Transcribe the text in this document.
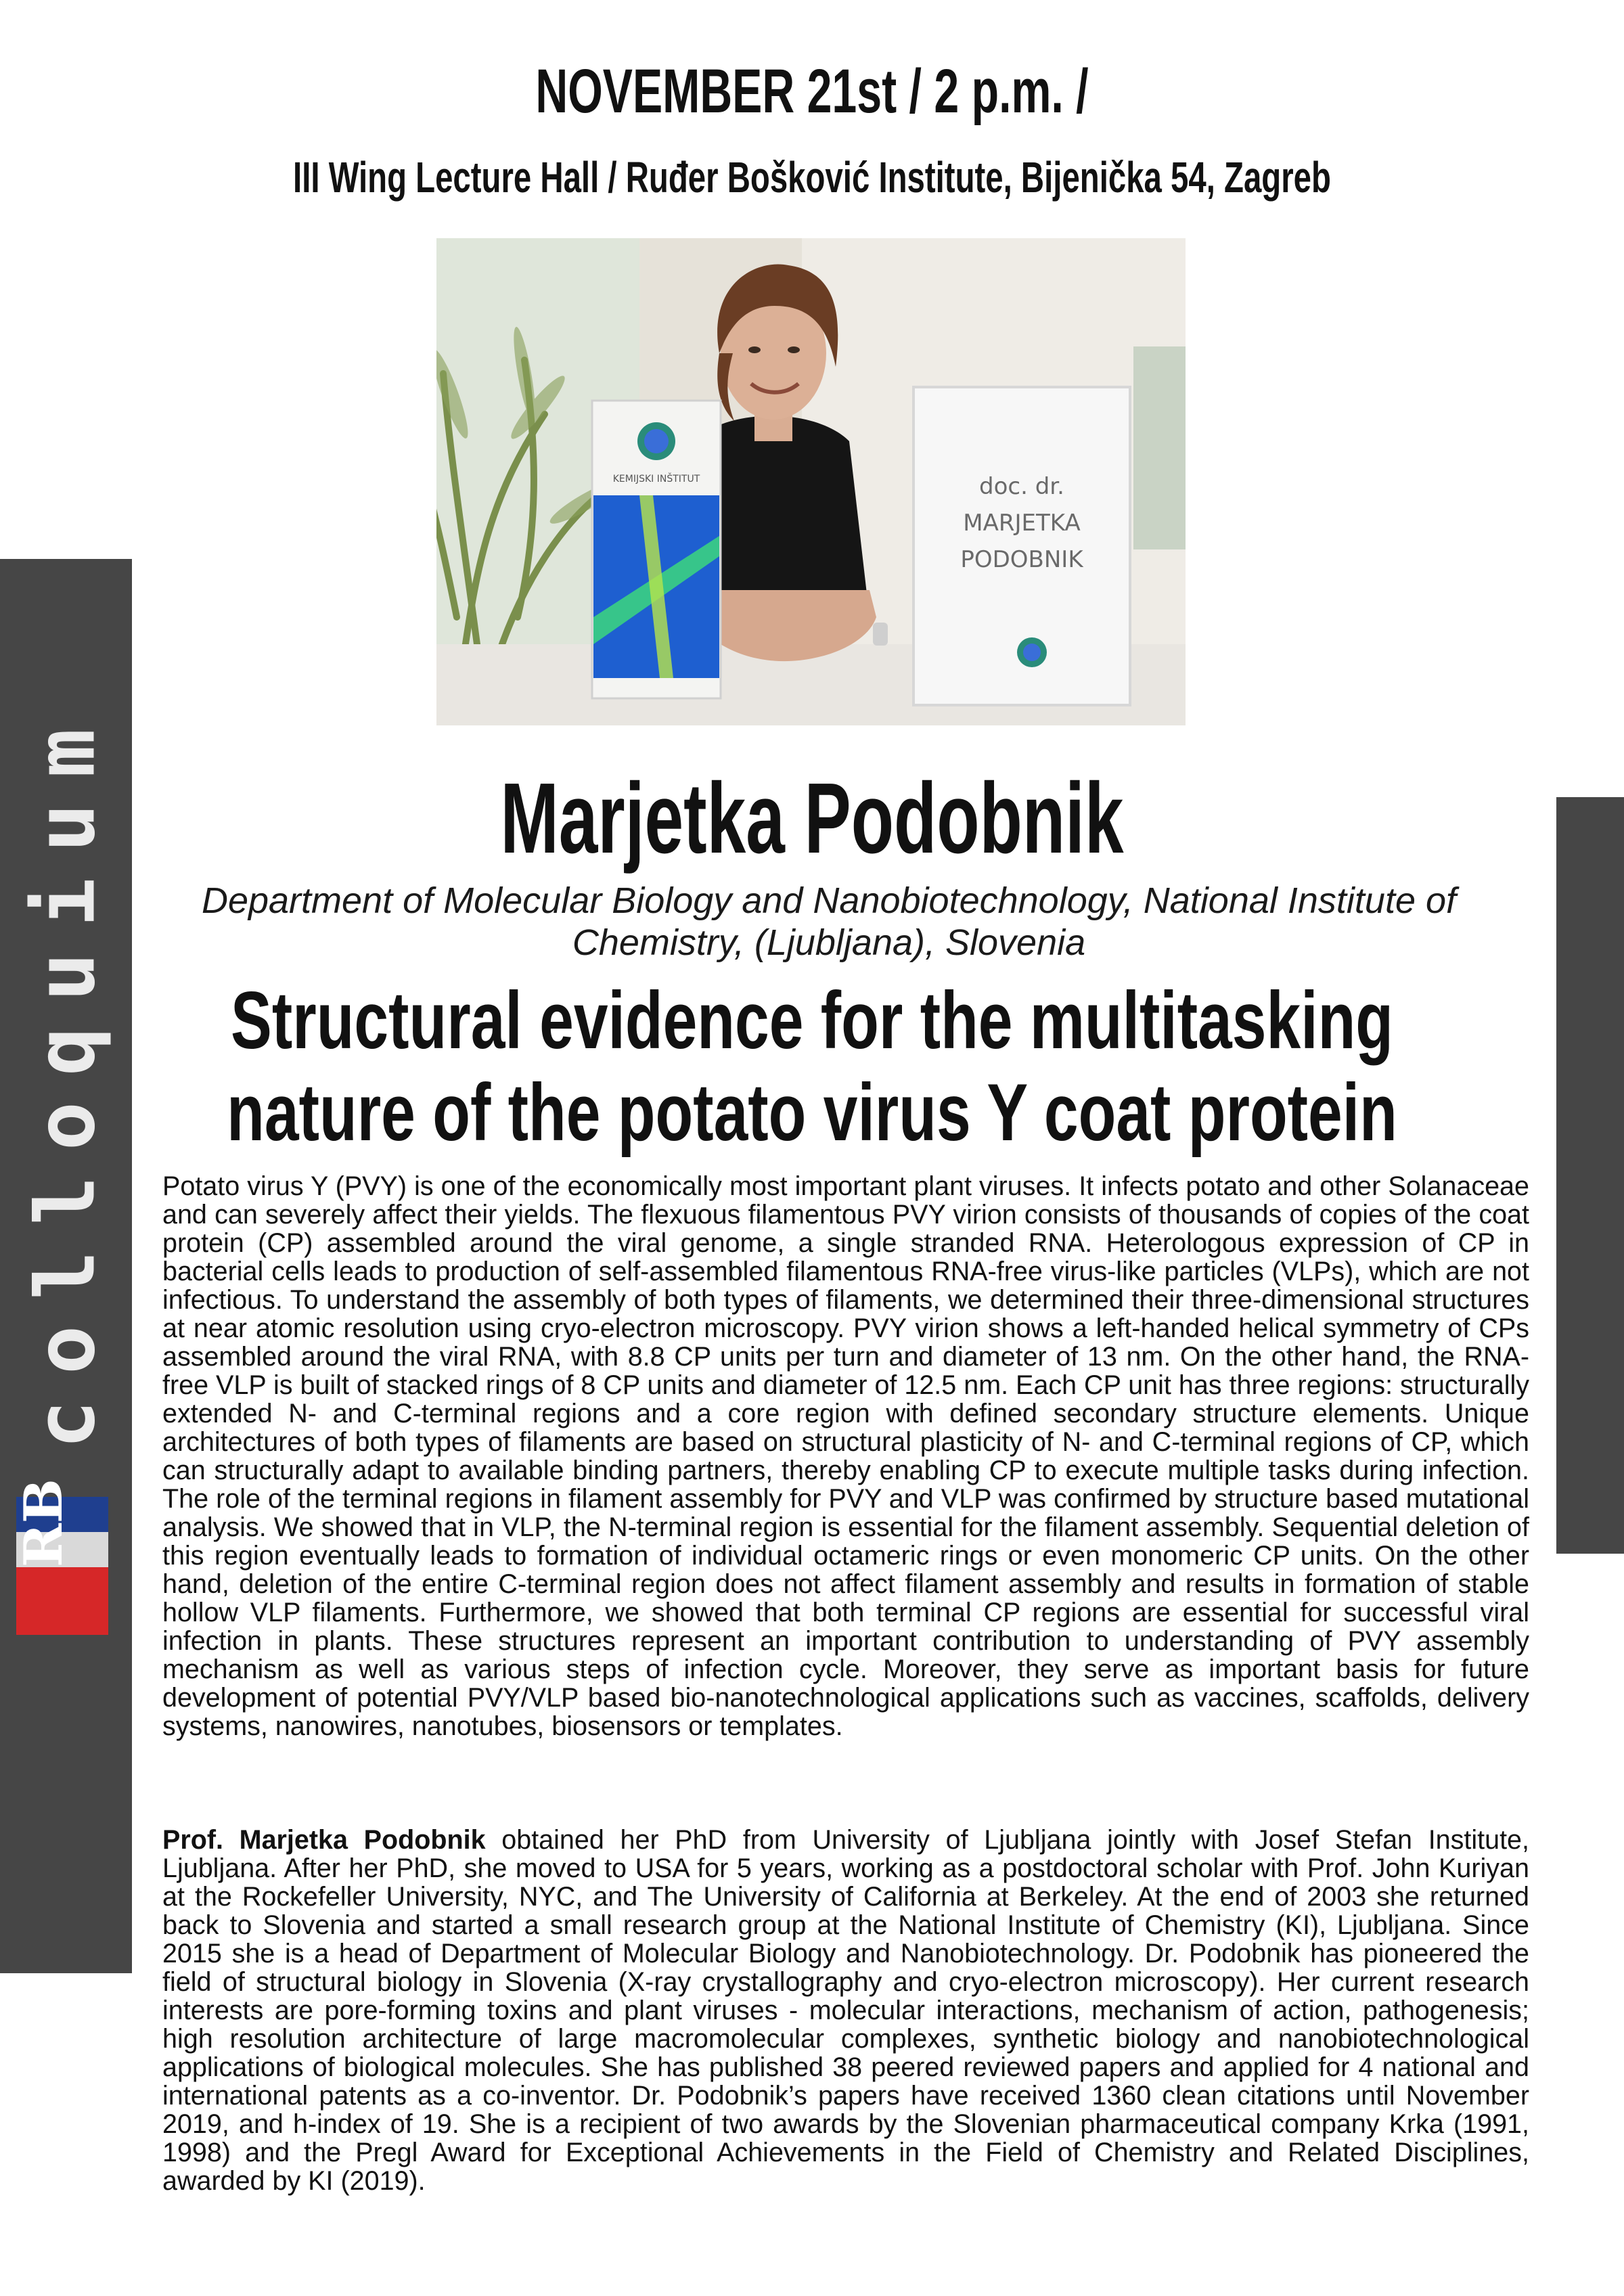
NOVEMBER 21st / 2 p.m. /
III Wing Lecture Hall / Ruđer Bošković Institute, Bijenička 54, Zagreb
KEMIJSKI INŠTITUT	doc. dr.
MARJETKA
PODOBNIK
colloquium
RB
Marjetka Podobnik
Department of Molecular Biology and Nanobiotechnology, National Institute of Chemistry, (Ljubljana), Slovenia
Structural evidence for the multitasking
nature of the potato virus Y coat protein
Potato virus Y (PVY) is one of the economically most important plant viruses. It infects potato and other Solanaceae and can severely affect their yields. The flexuous filamentous PVY virion consists of thousands of copies of the coat protein (CP) assembled around the viral genome, a single stranded RNA. Heterologous expression of CP in bacterial cells leads to production of self-assembled filamentous RNA-free virus-like particles (VLPs), which are not infectious. To understand the assembly of both types of filaments, we determined their three-dimensional structures at near atomic resolution using cryo-electron microscopy. PVY virion shows a left-handed helical symmetry of CPs assembled around the viral RNA, with 8.8 CP units per turn and diameter of 13 nm. On the other hand, the RNA-free VLP is built of stacked rings of 8 CP units and diameter of 12.5 nm. Each CP unit has three regions: structurally extended N- and C-terminal regions and a core region with defined secondary structure elements. Unique architectures of both types of filaments are based on structural plasticity of N- and C-terminal regions of CP, which can structurally adapt to available binding partners, thereby enabling CP to execute multiple tasks during infection. The role of the terminal regions in filament assembly for PVY and VLP was confirmed by structure based mutational analysis. We showed that in VLP, the N-terminal region is essential for the filament assembly. Sequential deletion of this region eventually leads to formation of individual octameric rings or even monomeric CP units. On the other hand, deletion of the entire C-terminal region does not affect filament assembly and results in formation of stable hollow VLP filaments. Furthermore, we showed that both terminal CP regions are essential for successful viral infection in plants. These structures represent an important contribution to understanding of PVY assembly mechanism as well as various steps of infection cycle. Moreover, they serve as important basis for future development of potential PVY/VLP based bio-nanotechnological applications such as vaccines, scaffolds, delivery systems, nanowires, nanotubes, biosensors or templates.
Prof. Marjetka Podobnik obtained her PhD from University of Ljubljana jointly with Josef Stefan Institute, Ljubljana. After her PhD, she moved to USA for 5 years, working as a postdoctoral scholar with Prof. John Kuriyan at the Rockefeller University, NYC, and The University of California at Berkeley. At the end of 2003 she returned back to Slovenia and started a small research group at the National Institute of Chemistry (KI), Ljubljana. Since 2015 she is a head of Department of Molecular Biology and Nanobiotechnology. Dr. Podobnik has pioneered the field of structural biology in Slovenia (X-ray crystallography and cryo-electron microscopy). Her current research interests are pore-forming toxins and plant viruses - molecular interactions, mechanism of action, pathogenesis; high resolution architecture of large macromolecular complexes, synthetic biology and nanobiotechnological applications of biological molecules. She has published 38 peered reviewed papers and applied for 4 national and international patents as a co-inventor. Dr. Podobnik’s papers have received 1360 clean citations until November 2019, and h-index of 19. She is a recipient of two awards by the Slovenian pharmaceutical company Krka (1991, 1998) and the Pregl Award for Exceptional Achievements in the Field of Chemistry and Related Disciplines, awarded by KI (2019).
